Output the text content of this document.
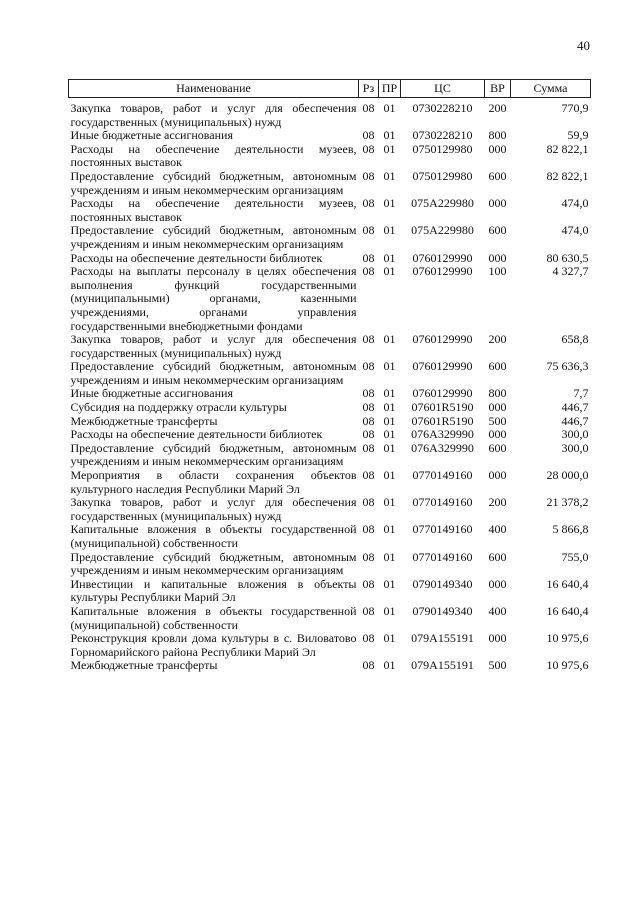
40
Наименование	Рз	ПР	ЦС	ВР	Сумма
Закупка товаров, работ и услуг для обеспечения государственных (муниципальных) нужд	08	01	0730228210	200	770,9
Иные бюджетные ассигнования	08	01	0730228210	800	59,9
Расходы на обеспечение деятельности музеев, постоянных выставок	08	01	0750129980	000	82 822,1
Предоставление субсидий бюджетным, автономным учреждениям и иным некоммерческим организациям	08	01	0750129980	600	82 822,1
Расходы на обеспечение деятельности музеев, постоянных выставок	08	01	075А229980	000	474,0
Предоставление субсидий бюджетным, автономным учреждениям и иным некоммерческим организациям	08	01	075А229980	600	474,0
Расходы на обеспечение деятельности библиотек	08	01	0760129990	000	80 630,5
Расходы на выплаты персоналу в целях обеспечения выполнения функций государственными (муниципальными) органами, казенными учреждениями, органами управления государственными внебюджетными фондами	08	01	0760129990	100	4 327,7
Закупка товаров, работ и услуг для обеспечения государственных (муниципальных) нужд	08	01	0760129990	200	658,8
Предоставление субсидий бюджетным, автономным учреждениям и иным некоммерческим организациям	08	01	0760129990	600	75 636,3
Иные бюджетные ассигнования	08	01	0760129990	800	7,7
Субсидия на поддержку отрасли культуры	08	01	07601R5190	000	446,7
Межбюджетные трансферты	08	01	07601R5190	500	446,7
Расходы на обеспечение деятельности библиотек	08	01	076А329990	000	300,0
Предоставление субсидий бюджетным, автономным учреждениям и иным некоммерческим организациям	08	01	076А329990	600	300,0
Мероприятия в области сохранения объектов культурного наследия Республики Марий Эл	08	01	0770149160	000	28 000,0
Закупка товаров, работ и услуг для обеспечения государственных (муниципальных) нужд	08	01	0770149160	200	21 378,2
Капитальные вложения в объекты государственной (муниципальной) собственности	08	01	0770149160	400	5 866,8
Предоставление субсидий бюджетным, автономным учреждениям и иным некоммерческим организациям	08	01	0770149160	600	755,0
Инвестиции и капитальные вложения в объекты культуры Республики Марий Эл	08	01	0790149340	000	16 640,4
Капитальные вложения в объекты государственной (муниципальной) собственности	08	01	0790149340	400	16 640,4
Реконструкция кровли дома культуры в с. Виловатово Горномарийского района Республики Марий Эл	08	01	079А155191	000	10 975,6
Межбюджетные трансферты	08	01	079А155191	500	10 975,6
